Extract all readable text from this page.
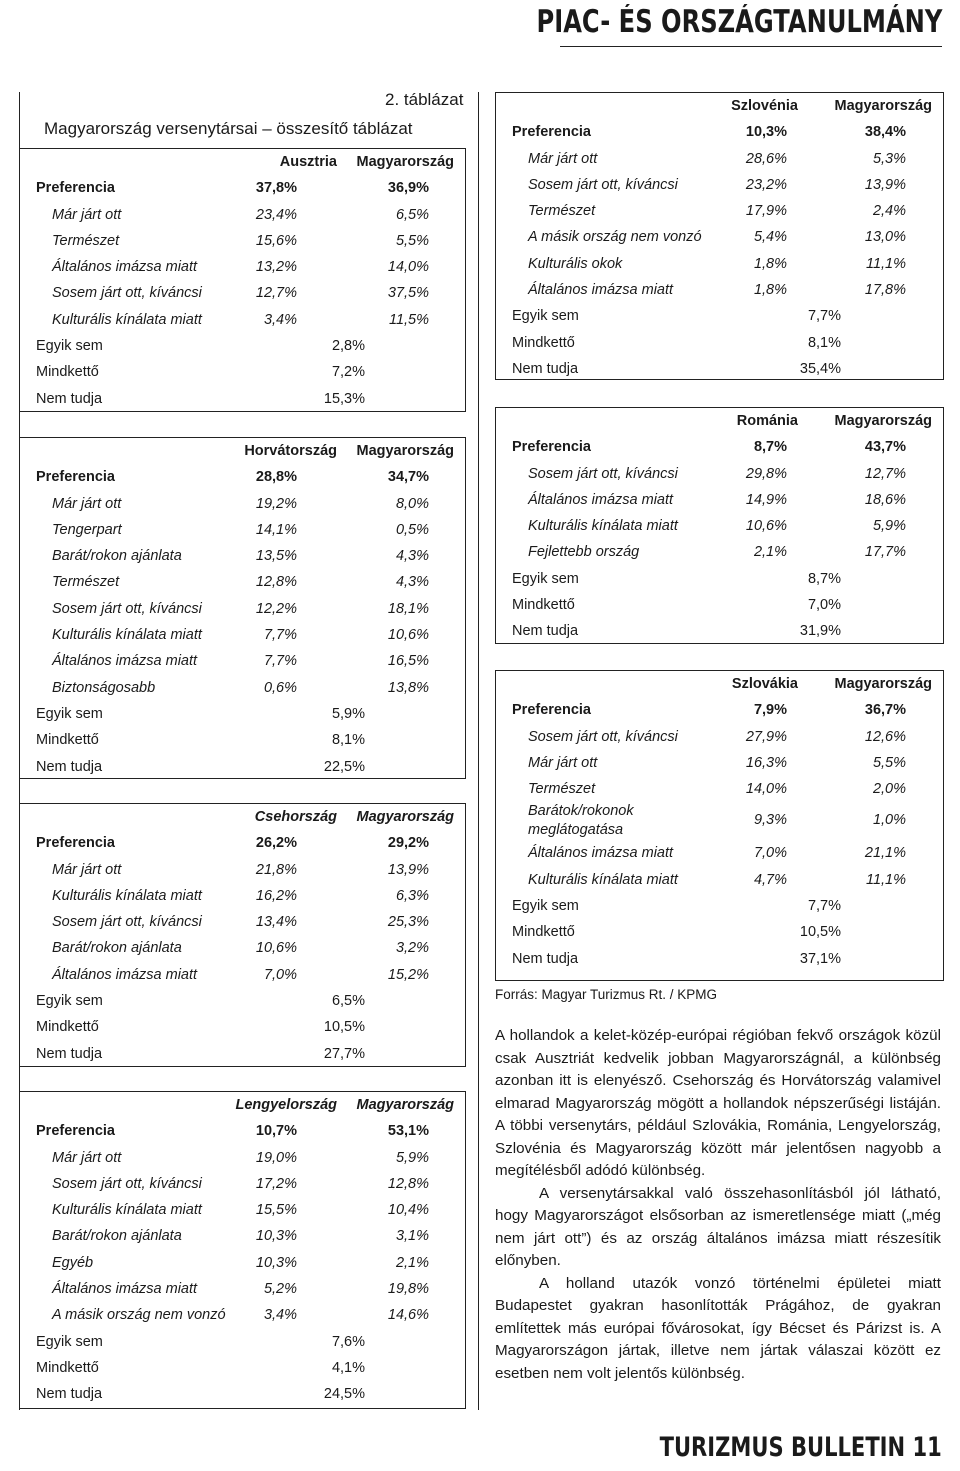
PIAC- ÉS ORSZÁGTANULMÁNY
2. táblázat
Magyarország versenytársai – összesítő táblázat
Ausztria Magyarország
Preferencia	37,8%	36,9%
Már járt ott	23,4%	6,5%
Természet	15,6%	5,5%
Általános imázsa miatt	13,2%	14,0%
Sosem járt ott, kíváncsi	12,7%	37,5%
Kulturális kínálata miatt	3,4%	11,5%
Egyik sem	2,8%
Mindkettő	7,2%
Nem tudja	15,3%
Horvátország Magyarország
Preferencia	28,8%	34,7%
Már járt ott	19,2%	8,0%
Tengerpart	14,1%	0,5%
Barát/rokon ajánlata	13,5%	4,3%
Természet	12,8%	4,3%
Sosem járt ott, kíváncsi	12,2%	18,1%
Kulturális kínálata miatt	7,7%	10,6%
Általános imázsa miatt	7,7%	16,5%
Biztonságosabb	0,6%	13,8%
Egyik sem	5,9%
Mindkettő	8,1%
Nem tudja	22,5%
Csehország Magyarország
Preferencia	26,2%	29,2%
Már járt ott	21,8%	13,9%
Kulturális kínálata miatt	16,2%	6,3%
Sosem járt ott, kíváncsi	13,4%	25,3%
Barát/rokon ajánlata	10,6%	3,2%
Általános imázsa miatt	7,0%	15,2%
Egyik sem	6,5%
Mindkettő	10,5%
Nem tudja	27,7%
Lengyelország Magyarország
Preferencia	10,7%	53,1%
Már járt ott	19,0%	5,9%
Sosem járt ott, kíváncsi	17,2%	12,8%
Kulturális kínálata miatt	15,5%	10,4%
Barát/rokon ajánlata	10,3%	3,1%
Egyéb	10,3%	2,1%
Általános imázsa miatt	5,2%	19,8%
A másik ország nem vonzó	3,4%	14,6%
Egyik sem	7,6%
Mindkettő	4,1%
Nem tudja	24,5%
Szlovénia	Magyarország
Preferencia	10,3%	38,4%
Már járt ott	28,6%	5,3%
Sosem járt ott, kíváncsi	23,2%	13,9%
Természet	17,9%	2,4%
A másik ország nem vonzó	5,4%	13,0%
Kulturális okok	1,8%	11,1%
Általános imázsa miatt	1,8%	17,8%
Egyik sem	7,7%
Mindkettő	8,1%
Nem tudja	35,4%
Románia	Magyarország
Preferencia	8,7%	43,7%
Sosem járt ott, kíváncsi	29,8%	12,7%
Általános imázsa miatt	14,9%	18,6%
Kulturális kínálata miatt	10,6%	5,9%
Fejlettebb ország	2,1%	17,7%
Egyik sem	8,7%
Mindkettő	7,0%
Nem tudja	31,9%
Szlovákia	Magyarország
Preferencia	7,9%	36,7%
Sosem járt ott, kíváncsi	27,9%	12,6%
Már járt ott	16,3%	5,5%
Természet	14,0%	2,0%
Barátok/rokonok meglátogatása
9,3%	1,0%
Általános imázsa miatt	7,0%	21,1%
Kulturális kínálata miatt	4,7%	11,1%
Egyik sem	7,7%
Mindkettő	10,5%
Nem tudja	37,1%
Forrás: Magyar Turizmus Rt. / KPMG

A hollandok a kelet-közép-európai régióban fekvő országok közül csak Ausztriát kedvelik jobban Magyarországnál, a különbség azonban itt is elenyésző. Csehország és Horvátország valamivel elmarad Magyarország mögött a hollandok népszerűségi listáján. A többi versenytárs, például Szlovákia, Románia, Lengyelország, Szlovénia és Magyarország között már jelentősen nagyobb a megítélésből adódó különbség.

A versenytársakkal való összehasonlításból jól látható, hogy Magyarországot elsősorban az ismeretlensége miatt („még nem járt ott”) és az ország általános imázsa miatt részesítik előnyben.

A holland utazók vonzó történelmi épületei miatt Budapestet gyakran hasonlították Prágához, de gyakran említettek más európai fővárosokat, így Bécset és Párizst is. A Magyarországon jártak, illetve nem jártak válaszai között ez esetben nem volt jelentős különbség.

TURIZMUS BULLETIN 11
